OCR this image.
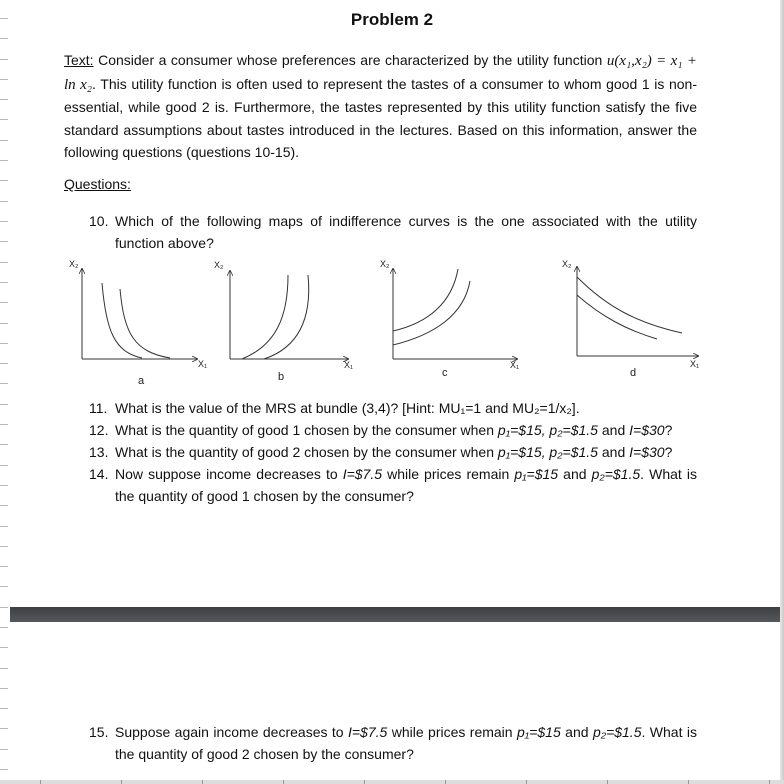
Problem 2
Text: Consider a consumer whose preferences are characterized by the utility function u(x₁,x₂) = x₁ + ln x₂. This utility function is often used to represent the tastes of a consumer to whom good 1 is non-essential, while good 2 is. Furthermore, the tastes represented by this utility function satisfy the five standard assumptions about tastes introduced in the lectures. Based on this information, answer the following questions (questions 10-15).
Questions:
10. Which of the following maps of indifference curves is the one associated with the utility function above?
X₂
X₁
a
X₂
X₁
b
X₂
X₁
c
X₂
X₁
d
11. What is the value of the MRS at bundle (3,4)? [Hint: MU₁=1 and MU₂=1/x₂].
12. What is the quantity of good 1 chosen by the consumer when p₁=$15, p₂=$1.5 and I=$30?
13. What is the quantity of good 2 chosen by the consumer when p₁=$15, p₂=$1.5 and I=$30?
14. Now suppose income decreases to I=$7.5 while prices remain p₁=$15 and p₂=$1.5. What is the quantity of good 1 chosen by the consumer?
15. Suppose again income decreases to I=$7.5 while prices remain p₁=$15 and p₂=$1.5. What is the quantity of good 2 chosen by the consumer?
